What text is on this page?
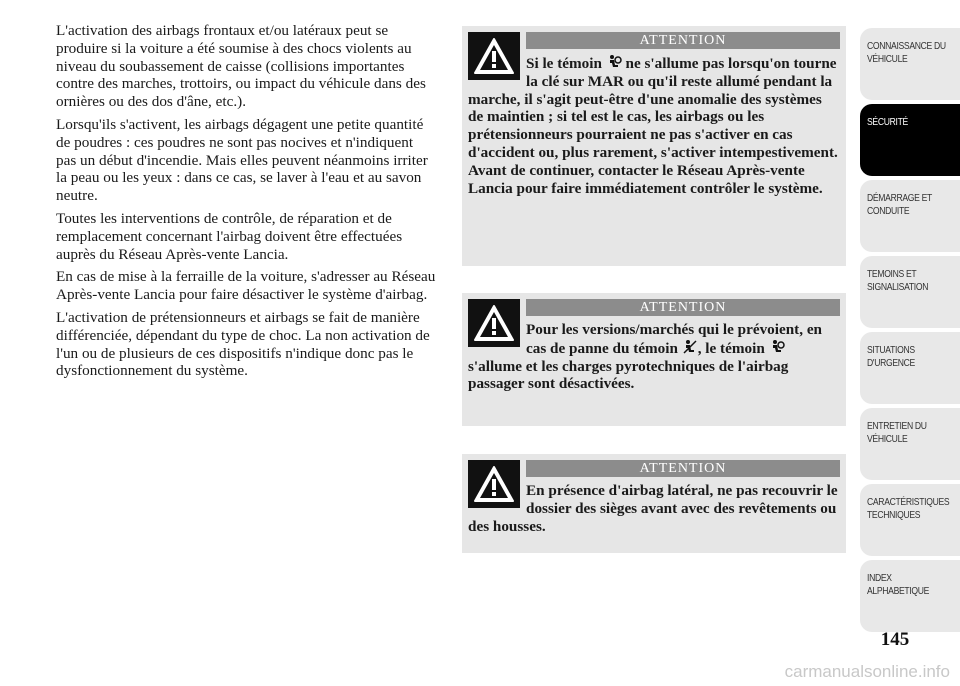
L'activation des airbags frontaux et/ou latéraux peut se produire si la voiture a été soumise à des chocs violents au niveau du soubassement de caisse (collisions importantes contre des marches, trottoirs, ou impact du véhicule dans des ornières ou des dos d'âne, etc.).

Lorsqu'ils s'activent, les airbags dégagent une petite quantité de poudres : ces poudres ne sont pas nocives et n'indiquent pas un début d'incendie. Mais elles peuvent néanmoins irriter la peau ou les yeux : dans ce cas, se laver à l'eau et au savon neutre.

Toutes les interventions de contrôle, de réparation et de remplacement concernant l'airbag doivent être effectuées auprès du Réseau Après-vente Lancia.

En cas de mise à la ferraille de la voiture, s'adresser au Réseau Après-vente Lancia pour faire désactiver le système d'airbag.

L'activation de prétensionneurs et airbags se fait de manière différenciée, dépendant du type de choc. La non activation de l'un ou de plusieurs de ces dispositifs n'indique donc pas le dysfonctionnement du système.

ATTENTION
Si le témoin  ne s'allume pas lorsqu'on tourne la clé sur MAR ou qu'il reste allumé pendant la marche, il s'agit peut-être d'une anomalie des systèmes de maintien ; si tel est le cas, les airbags ou les prétensionneurs pourraient ne pas s'activer en cas d'accident ou, plus rarement, s'activer intempestivement. Avant de continuer, contacter le Réseau Après-vente Lancia pour faire immédiatement contrôler le système.
ATTENTION
Pour les versions/marchés qui le prévoient, en cas de panne du témoin , le témoin  s'allume et les charges pyrotechniques de l'airbag passager sont désactivées.
ATTENTION
En présence d'airbag latéral, ne pas recouvrir le dossier des sièges avant avec des revêtements ou des housses.
CONNAISSANCE DU
VÉHICULE
SÉCURITÉ
DÉMARRAGE ET
CONDUITE
TEMOINS ET
SIGNALISATION
SITUATIONS
D'URGENCE
ENTRETIEN DU
VÉHICULE
CARACTÉRISTIQUES
TECHNIQUES
INDEX
ALPHABETIQUE
145
carmanualsonline.info
